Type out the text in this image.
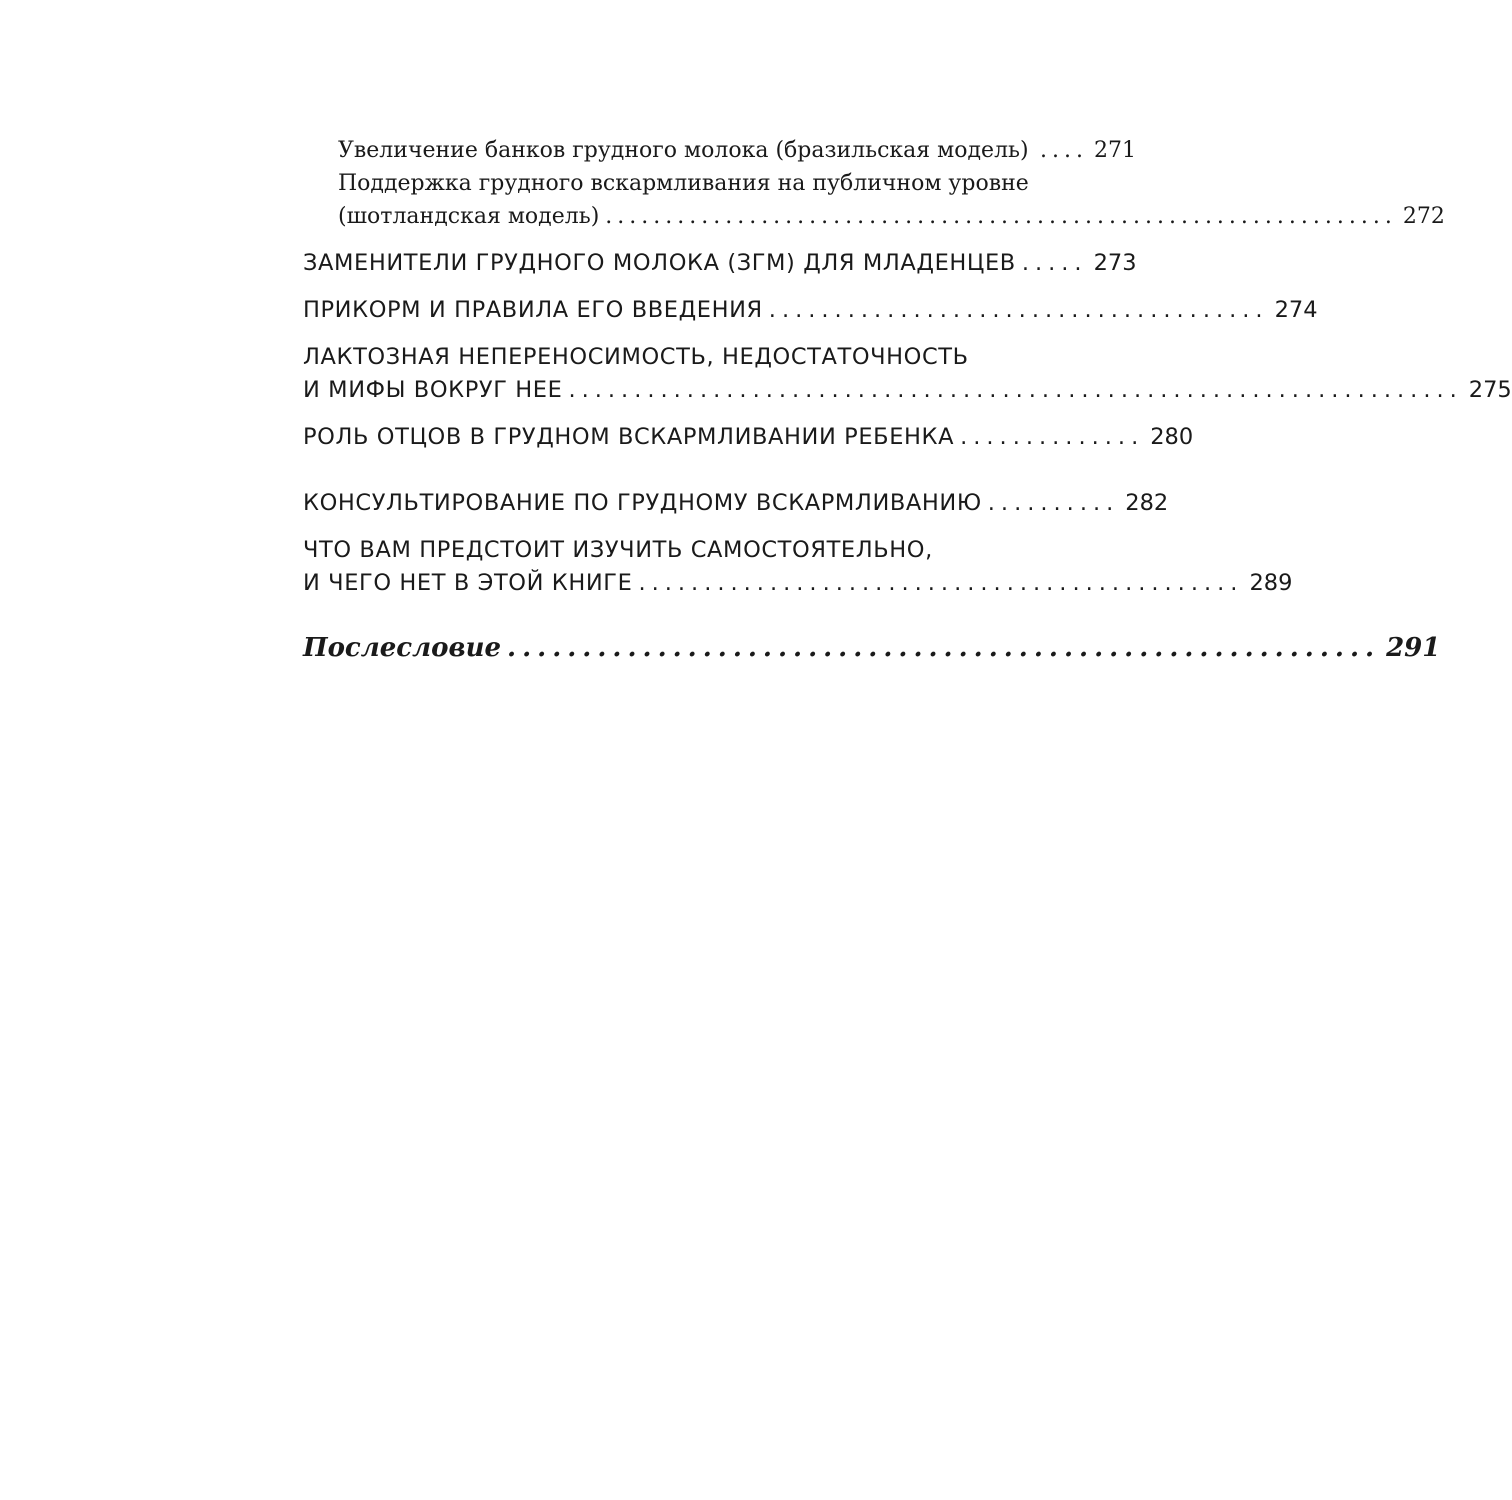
Увеличение банков грудного молока (бразильская модель) .... 271
Поддержка грудного вскармливания на публичном уровне
(шотландская модель) .................................................................. 272
ЗАМЕНИТЕЛИ ГРУДНОГО МОЛОКА (ЗГМ) ДЛЯ МЛАДЕНЦЕВ ..... 273
ПРИКОРМ И ПРАВИЛА ЕГО ВВЕДЕНИЯ ...................................... 274
ЛАКТОЗНАЯ НЕПЕРЕНОСИМОСТЬ, НЕДОСТАТОЧНОСТЬ
И МИФЫ ВОКРУГ НЕЕ .................................................................... 275
РОЛЬ ОТЦОВ В ГРУДНОМ ВСКАРМЛИВАНИИ РЕБЕНКА .............. 280
КОНСУЛЬТИРОВАНИЕ ПО ГРУДНОМУ ВСКАРМЛИВАНИЮ .......... 282
ЧТО ВАМ ПРЕДСТОИТ ИЗУЧИТЬ САМОСТОЯТЕЛЬНО,
И ЧЕГО НЕТ В ЭТОЙ КНИГЕ .............................................. 289
Послесловие .......................................................... 291
